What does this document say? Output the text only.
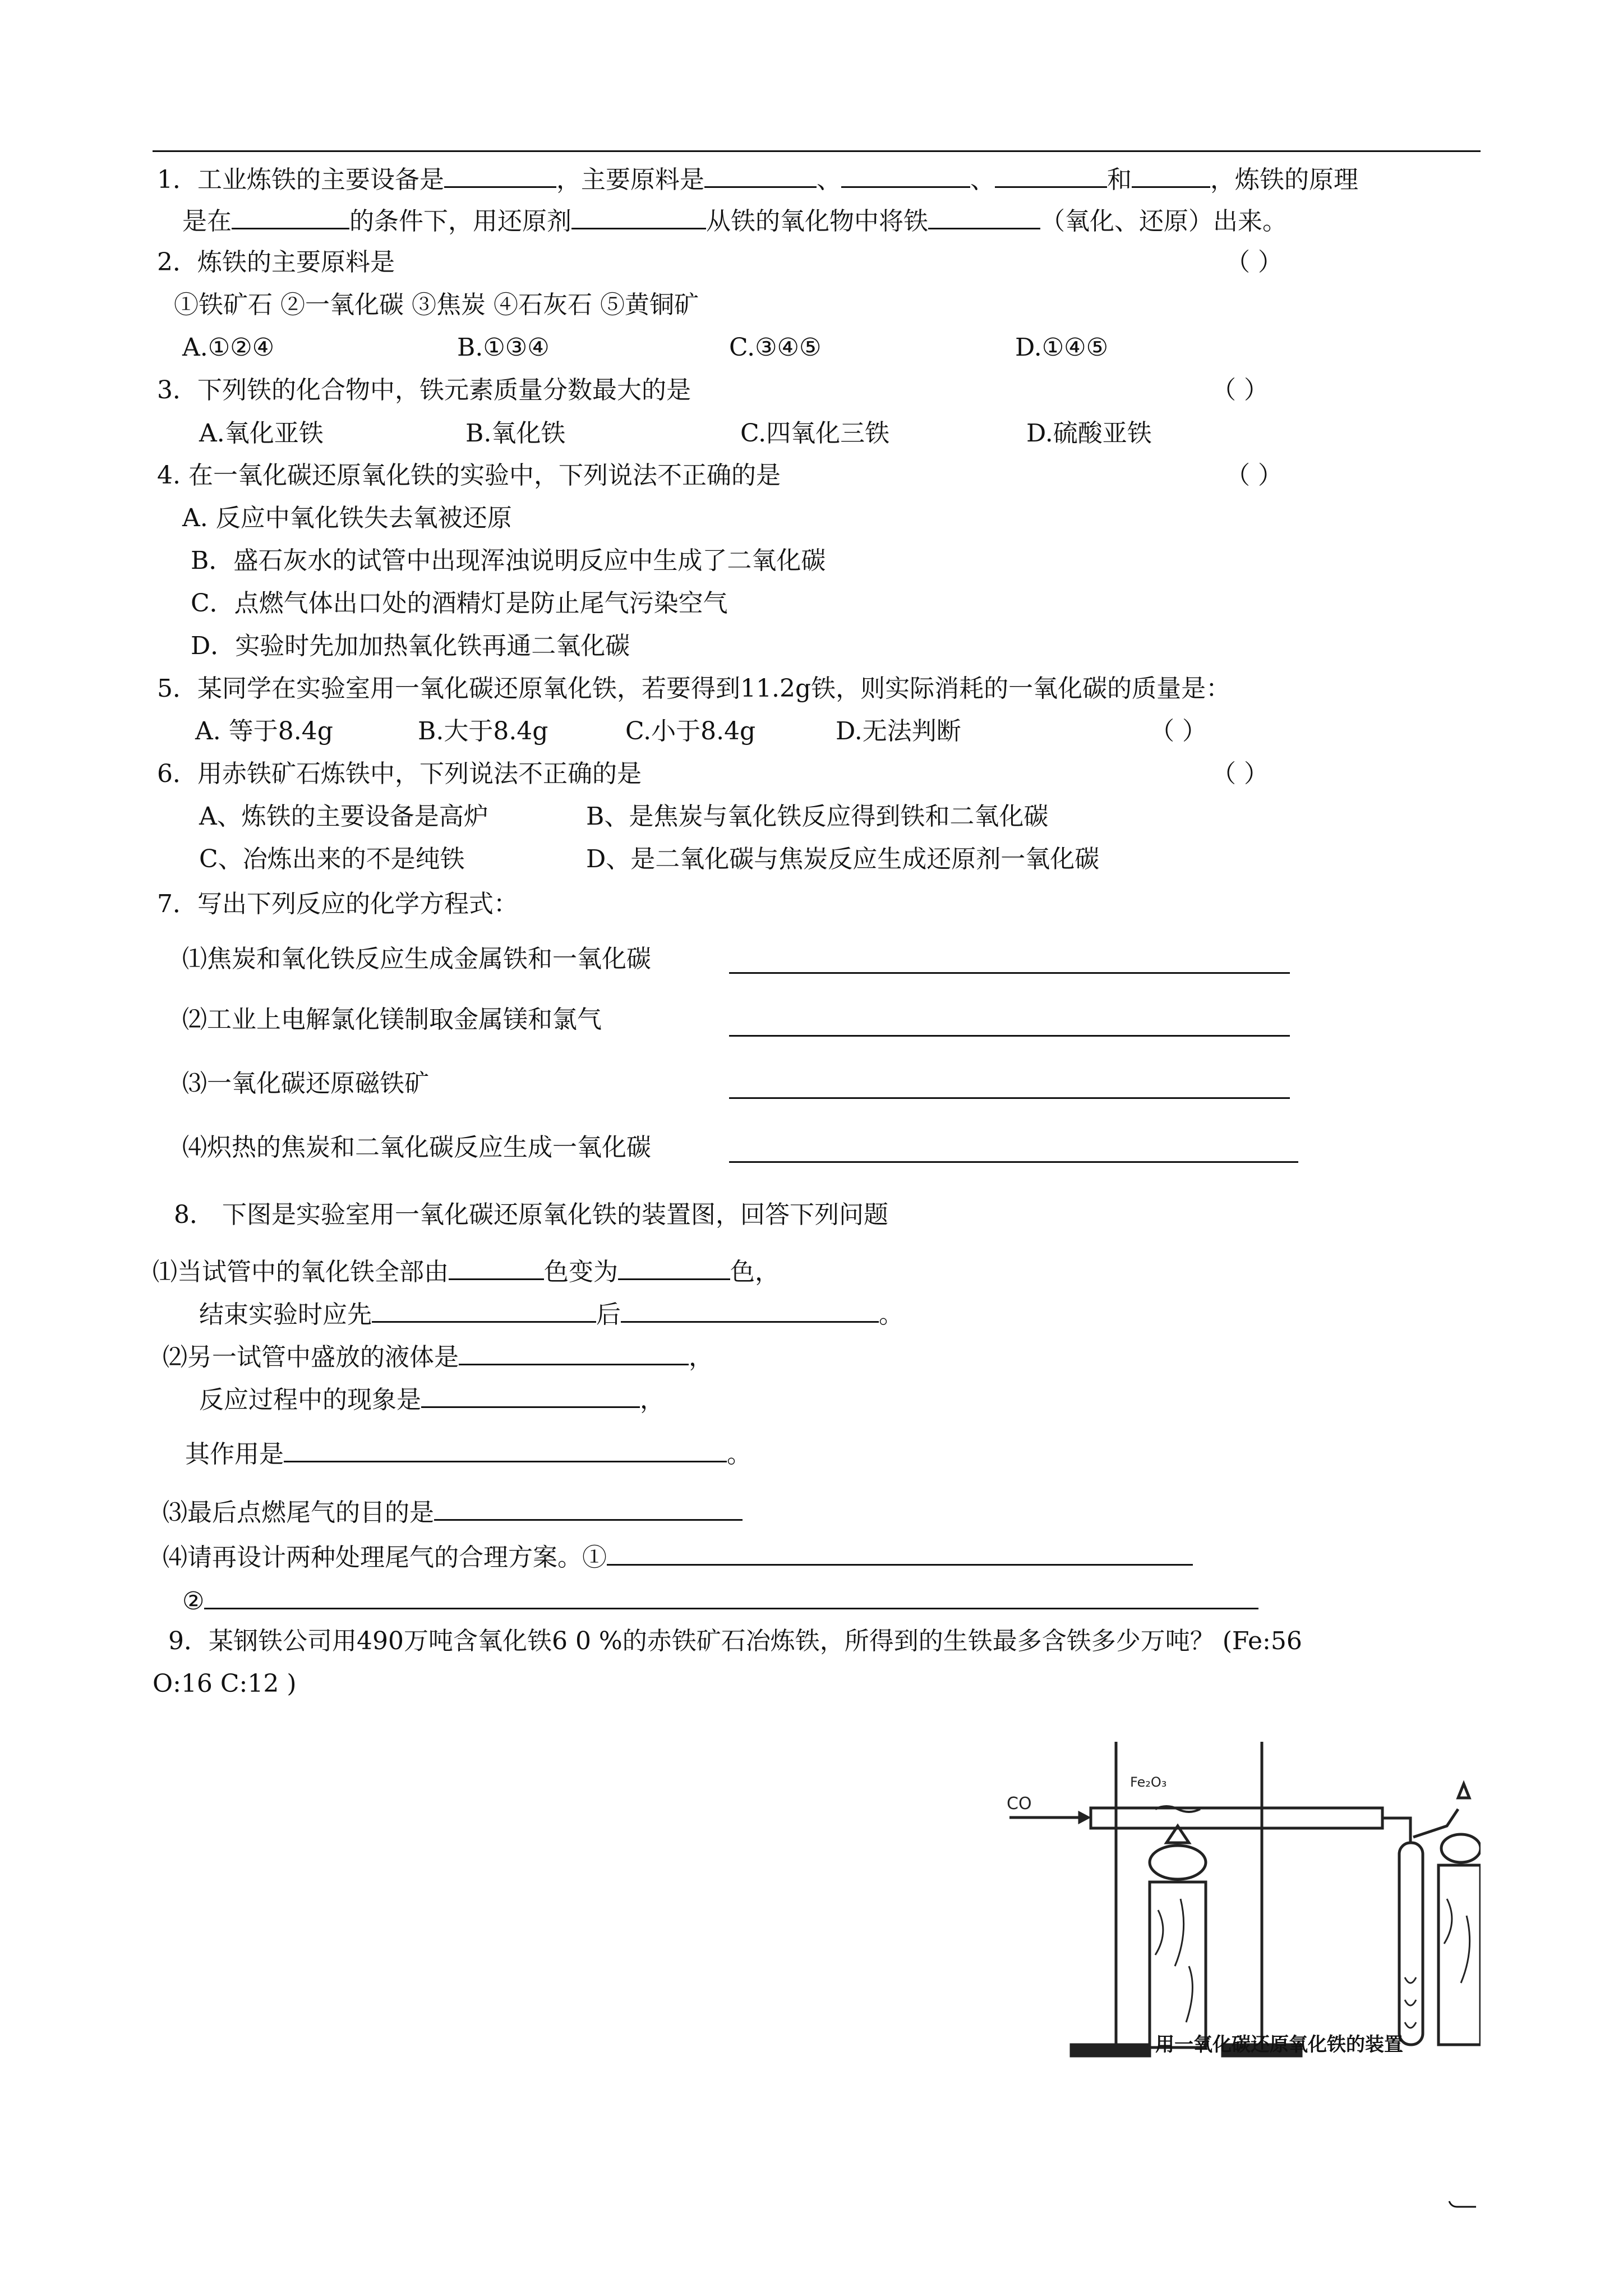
1．工业炼铁的主要设备是	，主要原料是	、	、	和	，炼铁的原理
是在	的条件下，用还原剂	从铁的氧化物中将铁	（氧化、还原）出来。
2．炼铁的主要原料是	（ ）
①铁矿石 ②一氧化碳 ③焦炭 ④石灰石 ⑤黄铜矿
A.①②④	B.①③④	C.③④⑤	D.①④⑤
3．下列铁的化合物中，铁元素质量分数最大的是	（ ）
A.氧化亚铁	B.氧化铁	C.四氧化三铁	D.硫酸亚铁
4. 在一氧化碳还原氧化铁的实验中，下列说法不正确的是	（ ）
A. 反应中氧化铁失去氧被还原
B．盛石灰水的试管中出现浑浊说明反应中生成了二氧化碳
C．点燃气体出口处的酒精灯是防止尾气污染空气
D．实验时先加加热氧化铁再通二氧化碳
5．某同学在实验室用一氧化碳还原氧化铁，若要得到11.2g铁，则实际消耗的一氧化碳的质量是：
A. 等于8.4g	B.大于8.4g	C.小于8.4g	D.无法判断	（ ）
6．用赤铁矿石炼铁中，下列说法不正确的是	（ ）
A、炼铁的主要设备是高炉	B、是焦炭与氧化铁反应得到铁和二氧化碳
C、冶炼出来的不是纯铁	D、是二氧化碳与焦炭反应生成还原剂一氧化碳
7．写出下列反应的化学方程式：
⑴焦炭和氧化铁反应生成金属铁和一氧化碳
⑵工业上电解氯化镁制取金属镁和氯气
⑶一氧化碳还原磁铁矿
⑷炽热的焦炭和二氧化碳反应生成一氧化碳
8． 下图是实验室用一氧化碳还原氧化铁的装置图，回答下列问题
⑴当试管中的氧化铁全部由	色变为	色，
结束实验时应先	后	。
⑵另一试管中盛放的液体是	，
反应过程中的现象是	，
其作用是	。
⑶最后点燃尾气的目的是
⑷请再设计两种处理尾气的合理方案。①
②
9．某钢铁公司用490万吨含氧化铁6 0 %的赤铁矿石冶炼铁，所得到的生铁最多含铁多少万吨？ (Fe:56
O:16 C:12 )
CO
Fe₂O₃
用一氧化碳还原氧化铁的装置
